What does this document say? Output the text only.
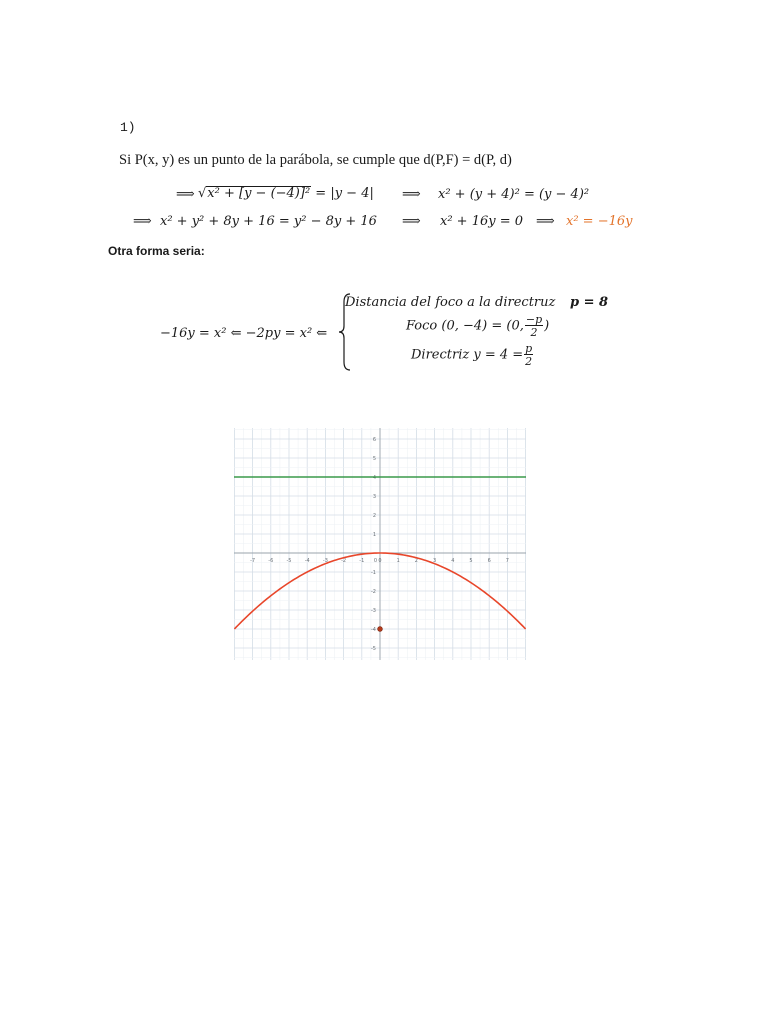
1)
Si P(x, y) es un punto de la parábola, se cumple que d(P,F) = d(P, d)
⟹ √x² + [y − (−4)]² = |y − 4| ⟹ x² + (y + 4)² = (y − 4)²
⟹ x² + y² + 8y + 16 = y² − 8y + 16 ⟹ x² + 16y = 0 ⟹ x² = −16y
Otra forma seria:
−16y = x² ⇐ −2py = x² ⇐
Distancia del foco a la directruz p = 8
Foco (0, −4) = (0, $\frac{-p}{2}$ )
Directriz $y = 4 = \frac{p}{2}$
-7	-6	-5	-4	-3	-2	-1	0	1	2	3	4	5	6	7
-5
-4
-3
-2
-1
1
2
3
4
5
6
0
